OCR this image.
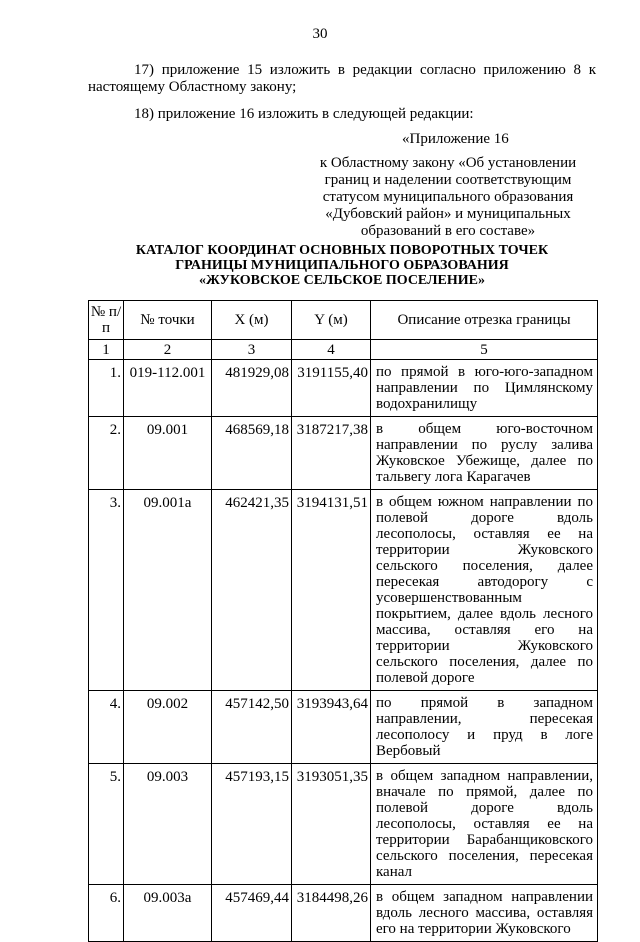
30
17) приложение 15 изложить в редакции согласно приложению 8 к настоящему Областному закону;
18) приложение 16 изложить в следующей редакции:
«Приложение 16
к Областному закону «Об установлении границ и наделении соответствующим статусом муниципального образования «Дубовский район» и муниципальных образований в его составе»
КАТАЛОГ КООРДИНАТ ОСНОВНЫХ ПОВОРОТНЫХ ТОЧЕК
ГРАНИЦЫ МУНИЦИПАЛЬНОГО ОБРАЗОВАНИЯ
«ЖУКОВСКОЕ СЕЛЬСКОЕ ПОСЕЛЕНИЕ»
№ п/п	№ точки	X (м)	Y (м)	Описание отрезка границы
1	2	3	4	5
1.	019-112.001	481929,08	3191155,40	по прямой в юго-юго-западном направлении по Цимлянскому водохранилищу
2.	09.001	468569,18	3187217,38	в общем юго-восточном направлении по руслу залива Жуковское Убежище, далее по тальвегу лога Карагачев
3.	09.001а	462421,35	3194131,51	в общем южном направлении по полевой дороге вдоль лесополосы, оставляя ее на территории Жуковского сельского поселения, далее пересекая автодорогу с усовершенствованным покрытием, далее вдоль лесного массива, оставляя его на территории Жуковского сельского поселения, далее по полевой дороге
4.	09.002	457142,50	3193943,64	по прямой в западном направлении, пересекая лесополосу и пруд в логе Вербовый
5.	09.003	457193,15	3193051,35	в общем западном направлении, вначале по прямой, далее по полевой дороге вдоль лесополосы, оставляя ее на территории Барабанщиковского сельского поселения, пересекая канал
6.	09.003а	457469,44	3184498,26	в общем западном направлении вдоль лесного массива, оставляя его на территории Жуковского
